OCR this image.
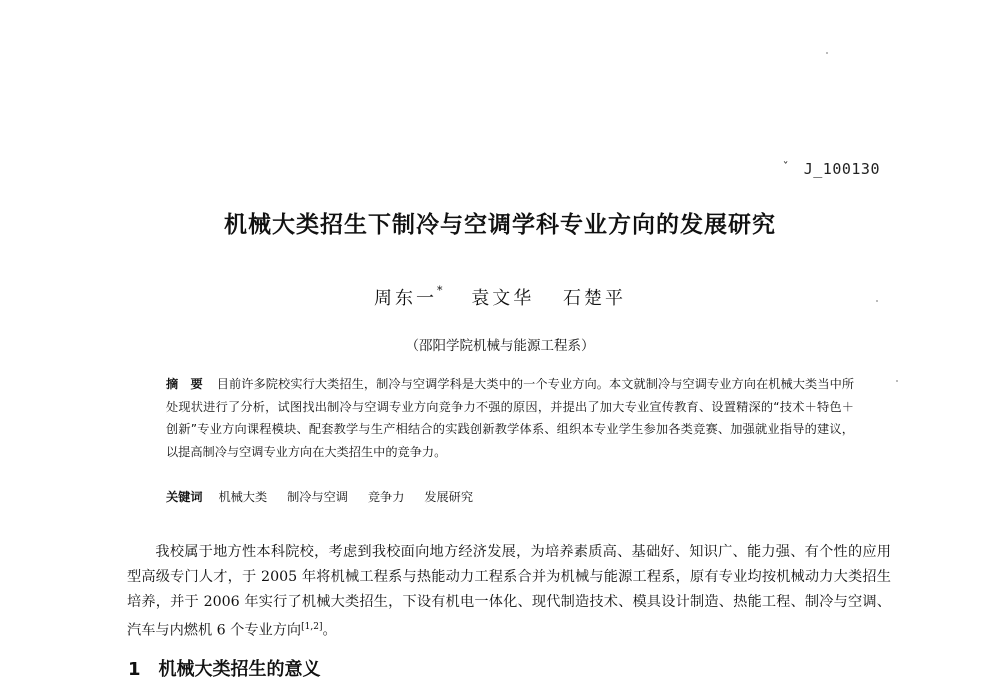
$^ˇ$ J_100130
机械大类招生下制冷与空调学科专业方向的发展研究
周东一* 袁文华 石楚平
（邵阳学院机械与能源工程系）
摘　要 目前许多院校实行大类招生，制冷与空调学科是大类中的一个专业方向。本文就制冷与空调专业方向在机械大类当中所处现状进行了分析，试图找出制冷与空调专业方向竞争力不强的原因，并提出了加大专业宣传教育、设置精深的“技术＋特色＋创新”专业方向课程模块、配套教学与生产相结合的实践创新教学体系、组织本专业学生参加各类竞赛、加强就业指导的建议，以提高制冷与空调专业方向在大类招生中的竞争力。
关键词 机械大类 制冷与空调 竞争力 发展研究
我校属于地方性本科院校，考虑到我校面向地方经济发展，为培养素质高、基础好、知识广、能力强、有个性的应用型高级专门人才，于 2005 年将机械工程系与热能动力工程系合并为机械与能源工程系，原有专业均按机械动力大类招生培养，并于 2006 年实行了机械大类招生，下设有机电一体化、现代制造技术、模具设计制造、热能工程、制冷与空调、汽车与内燃机 6 个专业方向[1,2]。
1 机械大类招生的意义
